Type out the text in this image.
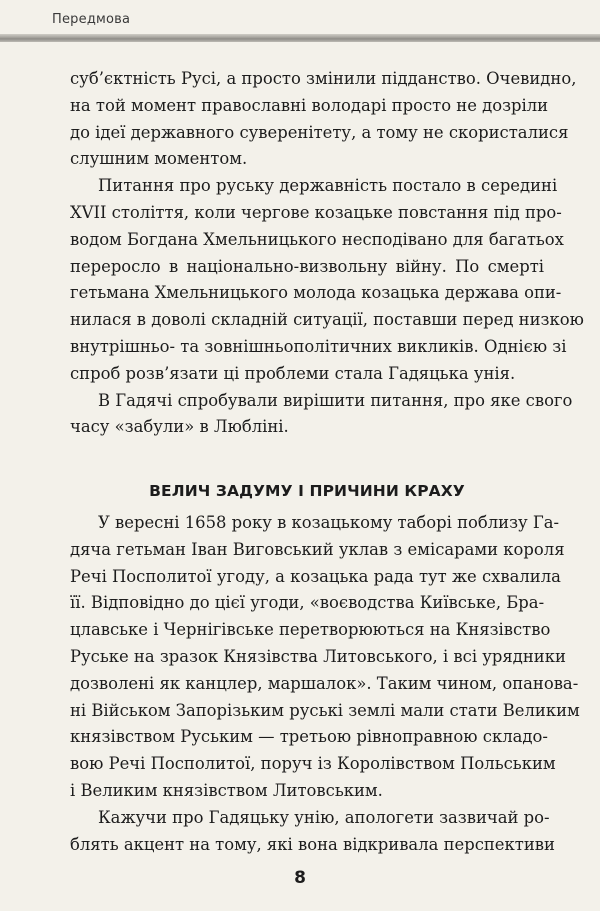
Передмова
суб’єктність Русі, а просто змінили підданство. Очевидно,
на той момент православні володарі просто не дозріли
до ідеї державного суверенітету, а тому не скористалися
слушним моментом.
Питання про руську державність постало в середині
XVII століття, коли чергове козацьке повстання під про-
водом Богдана Хмельницького несподівано для багатьох
переросло в національно-визвольну війну. По смерті
гетьмана Хмельницького молода козацька держава опи-
нилася в доволі складній ситуації, поставши перед низкою
внутрішньо- та зовнішньополітичних викликів. Однією зі
спроб розв’язати ці проблеми стала Гадяцька унія.
В Гадячі спробували вирішити питання, про яке свого
часу «забули» в Любліні.
ВЕЛИЧ ЗАДУМУ І ПРИЧИНИ КРАХУ
У вересні 1658 року в козацькому таборі поблизу Га-
дяча гетьман Іван Виговський уклав з емісарами короля
Речі Посполитої угоду, а козацька рада тут же схвалила
її. Відповідно до цієї угоди, «воєводства Київське, Бра-
цлавське і Чернігівське перетворюються на Князівство
Руське на зразок Князівства Литовського, і всі урядники
дозволені як канцлер, маршалок». Таким чином, опанова-
ні Військом Запорізьким руські землі мали стати Великим
князівством Руським — третьою рівноправною складо-
вою Речі Посполитої, поруч із Королівством Польським
і Великим князівством Литовським.
Кажучи про Гадяцьку унію, апологети зазвичай ро-
блять акцент на тому, які вона відкривала перспективи
8
